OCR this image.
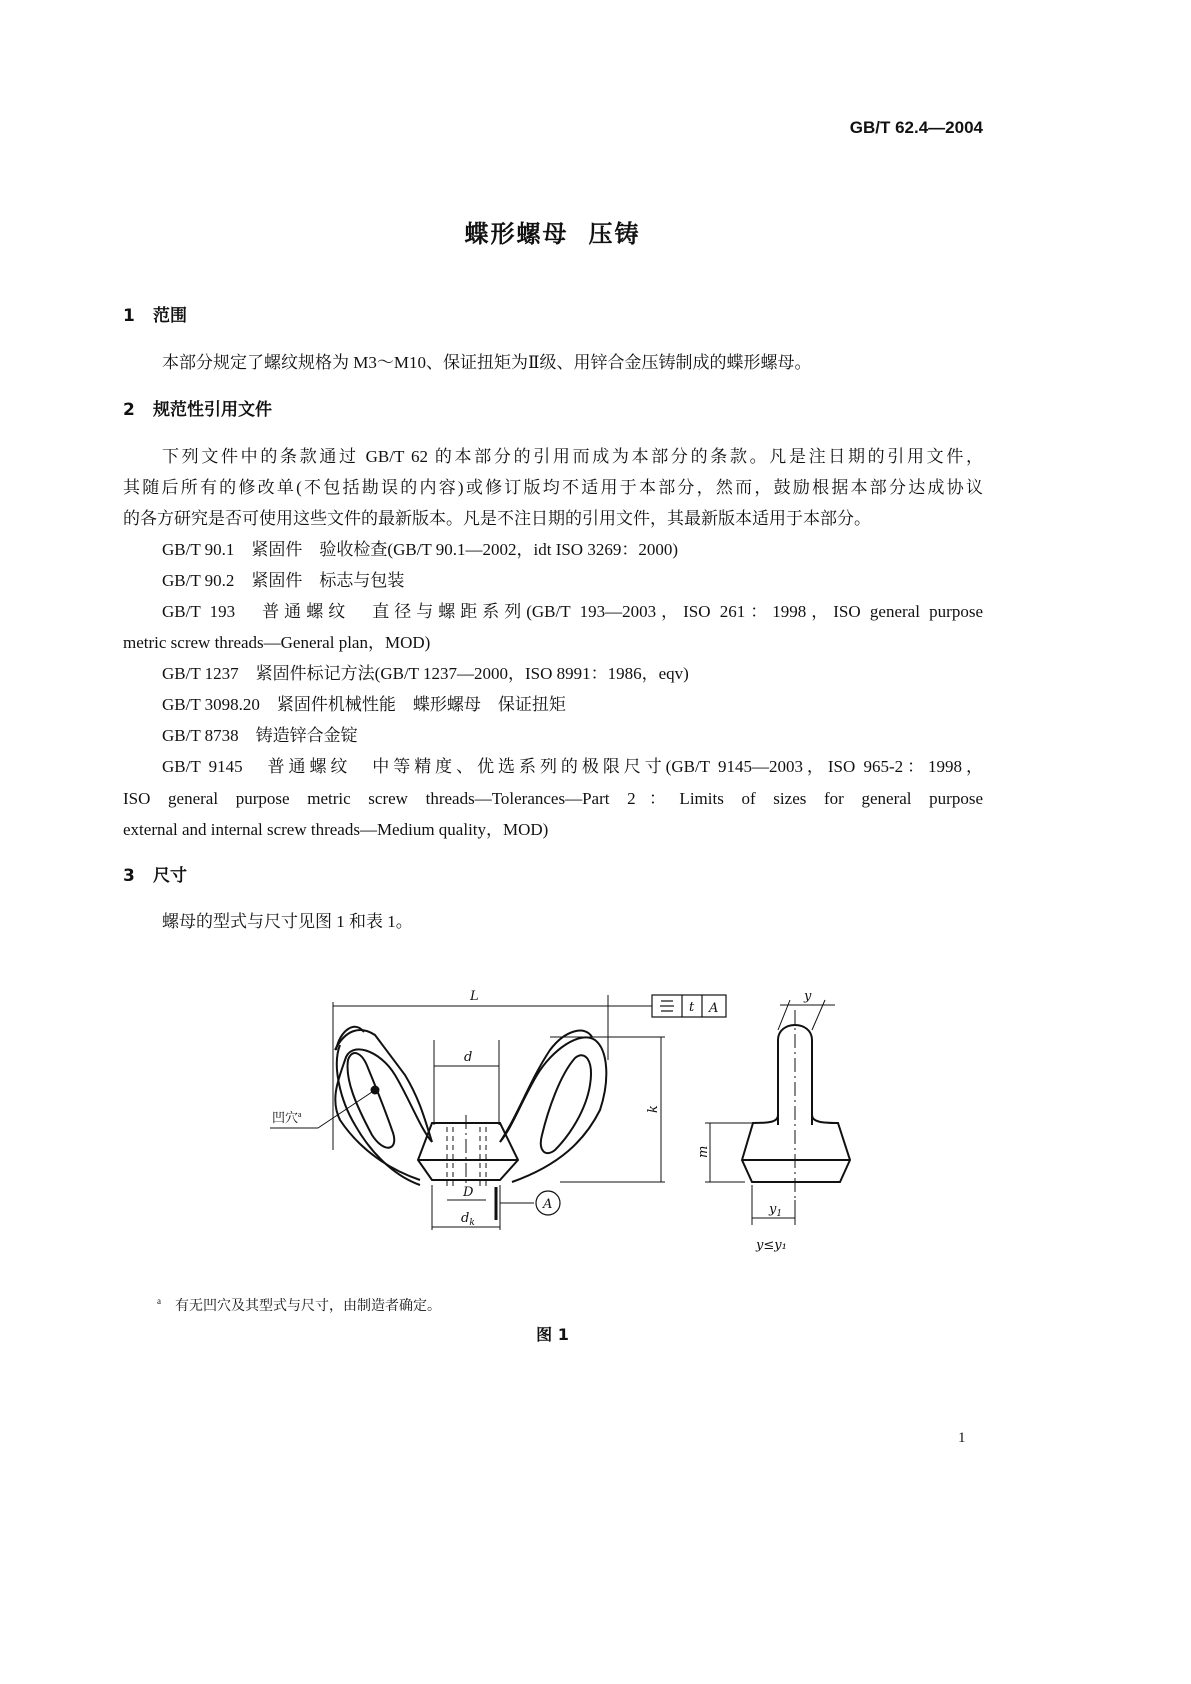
GB/T 62.4—2004
蝶形螺母 压铸
1 范围
本部分规定了螺纹规格为 M3～M10、保证扭矩为Ⅱ级、用锌合金压铸制成的蝶形螺母。
2 规范性引用文件
下列文件中的条款通过 GB/T 62 的本部分的引用而成为本部分的条款。凡是注日期的引用文件，
其随后所有的修改单(不包括勘误的内容)或修订版均不适用于本部分，然而，鼓励根据本部分达成协议
的各方研究是否可使用这些文件的最新版本。凡是不注日期的引用文件，其最新版本适用于本部分。
GB/T 90.1　紧固件　验收检查(GB/T 90.1—2002，idt ISO 3269：2000)
GB/T 90.2　紧固件　标志与包装
GB/T 193　普通螺纹　直径与螺距系列(GB/T 193—2003，ISO 261：1998，ISO general purpose
metric screw threads—General plan，MOD)
GB/T 1237　紧固件标记方法(GB/T 1237—2000，ISO 8991：1986，eqv)
GB/T 3098.20　紧固件机械性能　蝶形螺母　保证扭矩
GB/T 8738　铸造锌合金锭
GB/T 9145　普通螺纹　中等精度、优选系列的极限尺寸(GB/T 9145—2003，ISO 965-2：1998，
ISO general purpose metric screw threads—Tolerances—Part 2：Limits of sizes for general purpose
external and internal screw threads—Medium quality，MOD)
3 尺寸
螺母的型式与尺寸见图 1 和表 1。
L
d
k
D
$d_k$
A
t A
m
y
$y_1$
y≤y₁
凹穴$^a$
$^a$ 有无凹穴及其型式与尺寸，由制造者确定。
图 1
1
